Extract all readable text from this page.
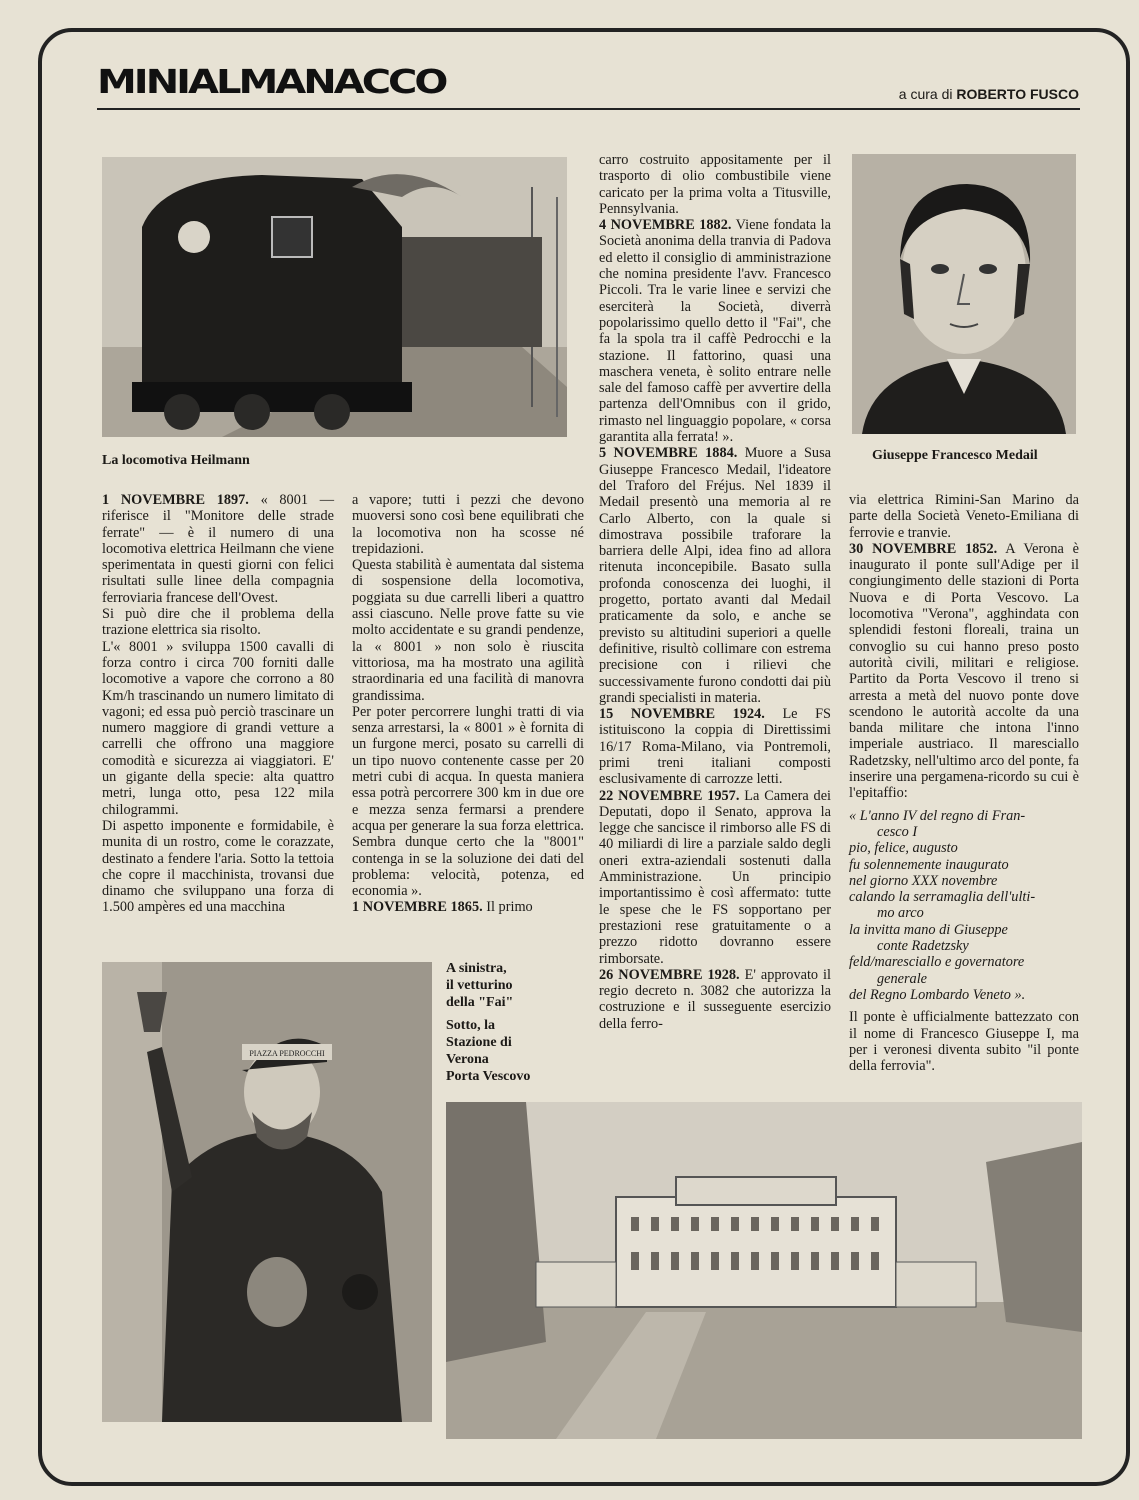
MINIALMANACCO	a cura di ROBERTO FUSCO
La locomotiva Heilmann	Giuseppe Francesco Medail
PIAZZA PEDROCCHI
A sinistra,
il vetturino
della "Fai"
Sotto, la
Stazione di
Verona
Porta Vescovo

1 NOVEMBRE 1897. « 8001 — riferisce il "Monitore delle strade ferrate" — è il numero di una locomotiva elettrica Heilmann che viene sperimentata in questi giorni con felici risultati sulle linee della compagnia ferroviaria francese dell'Ovest.

Si può dire che il problema della trazione elettrica sia risolto.

L'« 8001 » sviluppa 1500 cavalli di forza contro i circa 700 forniti dalle locomotive a vapore che corrono a 80 Km/h trascinando un numero limitato di vagoni; ed essa può perciò trascinare un numero maggiore di grandi vetture a carrelli che offrono una maggiore comodità e sicurezza ai viaggiatori. E' un gigante della specie: alta quattro metri, lunga otto, pesa 122 mila chilogrammi.

Di aspetto imponente e formidabile, è munita di un rostro, come le corazzate, destinato a fendere l'aria. Sotto la tettoia che copre il macchinista, trovansi due dinamo che sviluppano una forza di 1.500 ampères ed una macchina

a vapore; tutti i pezzi che devono muoversi sono così bene equilibrati che la locomotiva non ha scosse né trepidazioni.

Questa stabilità è aumentata dal sistema di sospensione della locomotiva, poggiata su due carrelli liberi a quattro assi ciascuno. Nelle prove fatte su vie molto accidentate e su grandi pendenze, la « 8001 » non solo è riuscita vittoriosa, ma ha mostrato una agilità straordinaria ed una facilità di manovra grandissima.

Per poter percorrere lunghi tratti di via senza arrestarsi, la « 8001 » è fornita di un furgone merci, posato su carrelli di un tipo nuovo contenente casse per 20 metri cubi di acqua. In questa maniera essa potrà percorrere 300 km in due ore e mezza senza fermarsi a prendere acqua per generare la sua forza elettrica. Sembra dunque certo che la "8001" contenga in se la soluzione dei dati del problema: velocità, potenza, ed economia ».

1 NOVEMBRE 1865. Il primo

carro costruito appositamente per il trasporto di olio combustibile viene caricato per la prima volta a Titusville, Pennsylvania.

4 NOVEMBRE 1882. Viene fondata la Società anonima della tranvia di Padova ed eletto il consiglio di amministrazione che nomina presidente l'avv. Francesco Piccoli. Tra le varie linee e servizi che eserciterà la Società, diverrà popolarissimo quello detto il "Fai", che fa la spola tra il caffè Pedrocchi e la stazione. Il fattorino, quasi una maschera veneta, è solito entrare nelle sale del famoso caffè per avvertire della partenza dell'Omnibus con il grido, rimasto nel linguaggio popolare, « corsa garantita alla ferrata! ».

5 NOVEMBRE 1884. Muore a Susa Giuseppe Francesco Medail, l'ideatore del Traforo del Fréjus. Nel 1839 il Medail presentò una memoria al re Carlo Alberto, con la quale si dimostrava possibile traforare la barriera delle Alpi, idea fino ad allora ritenuta inconcepibile. Basato sulla profonda conoscenza dei luoghi, il progetto, portato avanti dal Medail praticamente da solo, e anche se previsto su altitudini superiori a quelle definitive, risultò collimare con estrema precisione con i rilievi che successivamente furono condotti dai più grandi specialisti in materia.

15 NOVEMBRE 1924. Le FS istituiscono la coppia di Direttissimi 16/17 Roma-Milano, via Pontremoli, primi treni italiani composti esclusivamente di carrozze letti.

22 NOVEMBRE 1957. La Camera dei Deputati, dopo il Senato, approva la legge che sancisce il rimborso alle FS di 40 miliardi di lire a parziale saldo degli oneri extra-aziendali sostenuti dalla Amministrazione. Un principio importantissimo è così affermato: tutte le spese che le FS sopportano per prestazioni rese gratuitamente o a prezzo ridotto dovranno essere rimborsate.

26 NOVEMBRE 1928. E' approvato il regio decreto n. 3082 che autorizza la costruzione e il susseguente esercizio della ferro-

via elettrica Rimini-San Marino da parte della Società Veneto-Emiliana di ferrovie e tranvie.

30 NOVEMBRE 1852. A Verona è inaugurato il ponte sull'Adige per il congiungimento delle stazioni di Porta Nuova e di Porta Vescovo. La locomotiva "Verona", agghindata con splendidi festoni floreali, traina un convoglio su cui hanno preso posto autorità civili, militari e religiose. Partito da Porta Vescovo il treno si arresta a metà del nuovo ponte dove scendono le autorità accolte da una banda militare che intona l'inno imperiale austriaco. Il maresciallo Radetzsky, nell'ultimo arco del ponte, fa inserire una pergamena-ricordo su cui è l'epitaffio:

« L'anno IV del regno di Fran-

cesco I

pio, felice, augusto

fu solennemente inaugurato

nel giorno XXX novembre

calando la serramaglia dell'ulti-

mo arco

la invitta mano di Giuseppe

conte Radetzsky

feld/maresciallo e governatore

generale

del Regno Lombardo Veneto ».

Il ponte è ufficialmente battezzato con il nome di Francesco Giuseppe I, ma per i veronesi diventa subito "il ponte della ferrovia".
